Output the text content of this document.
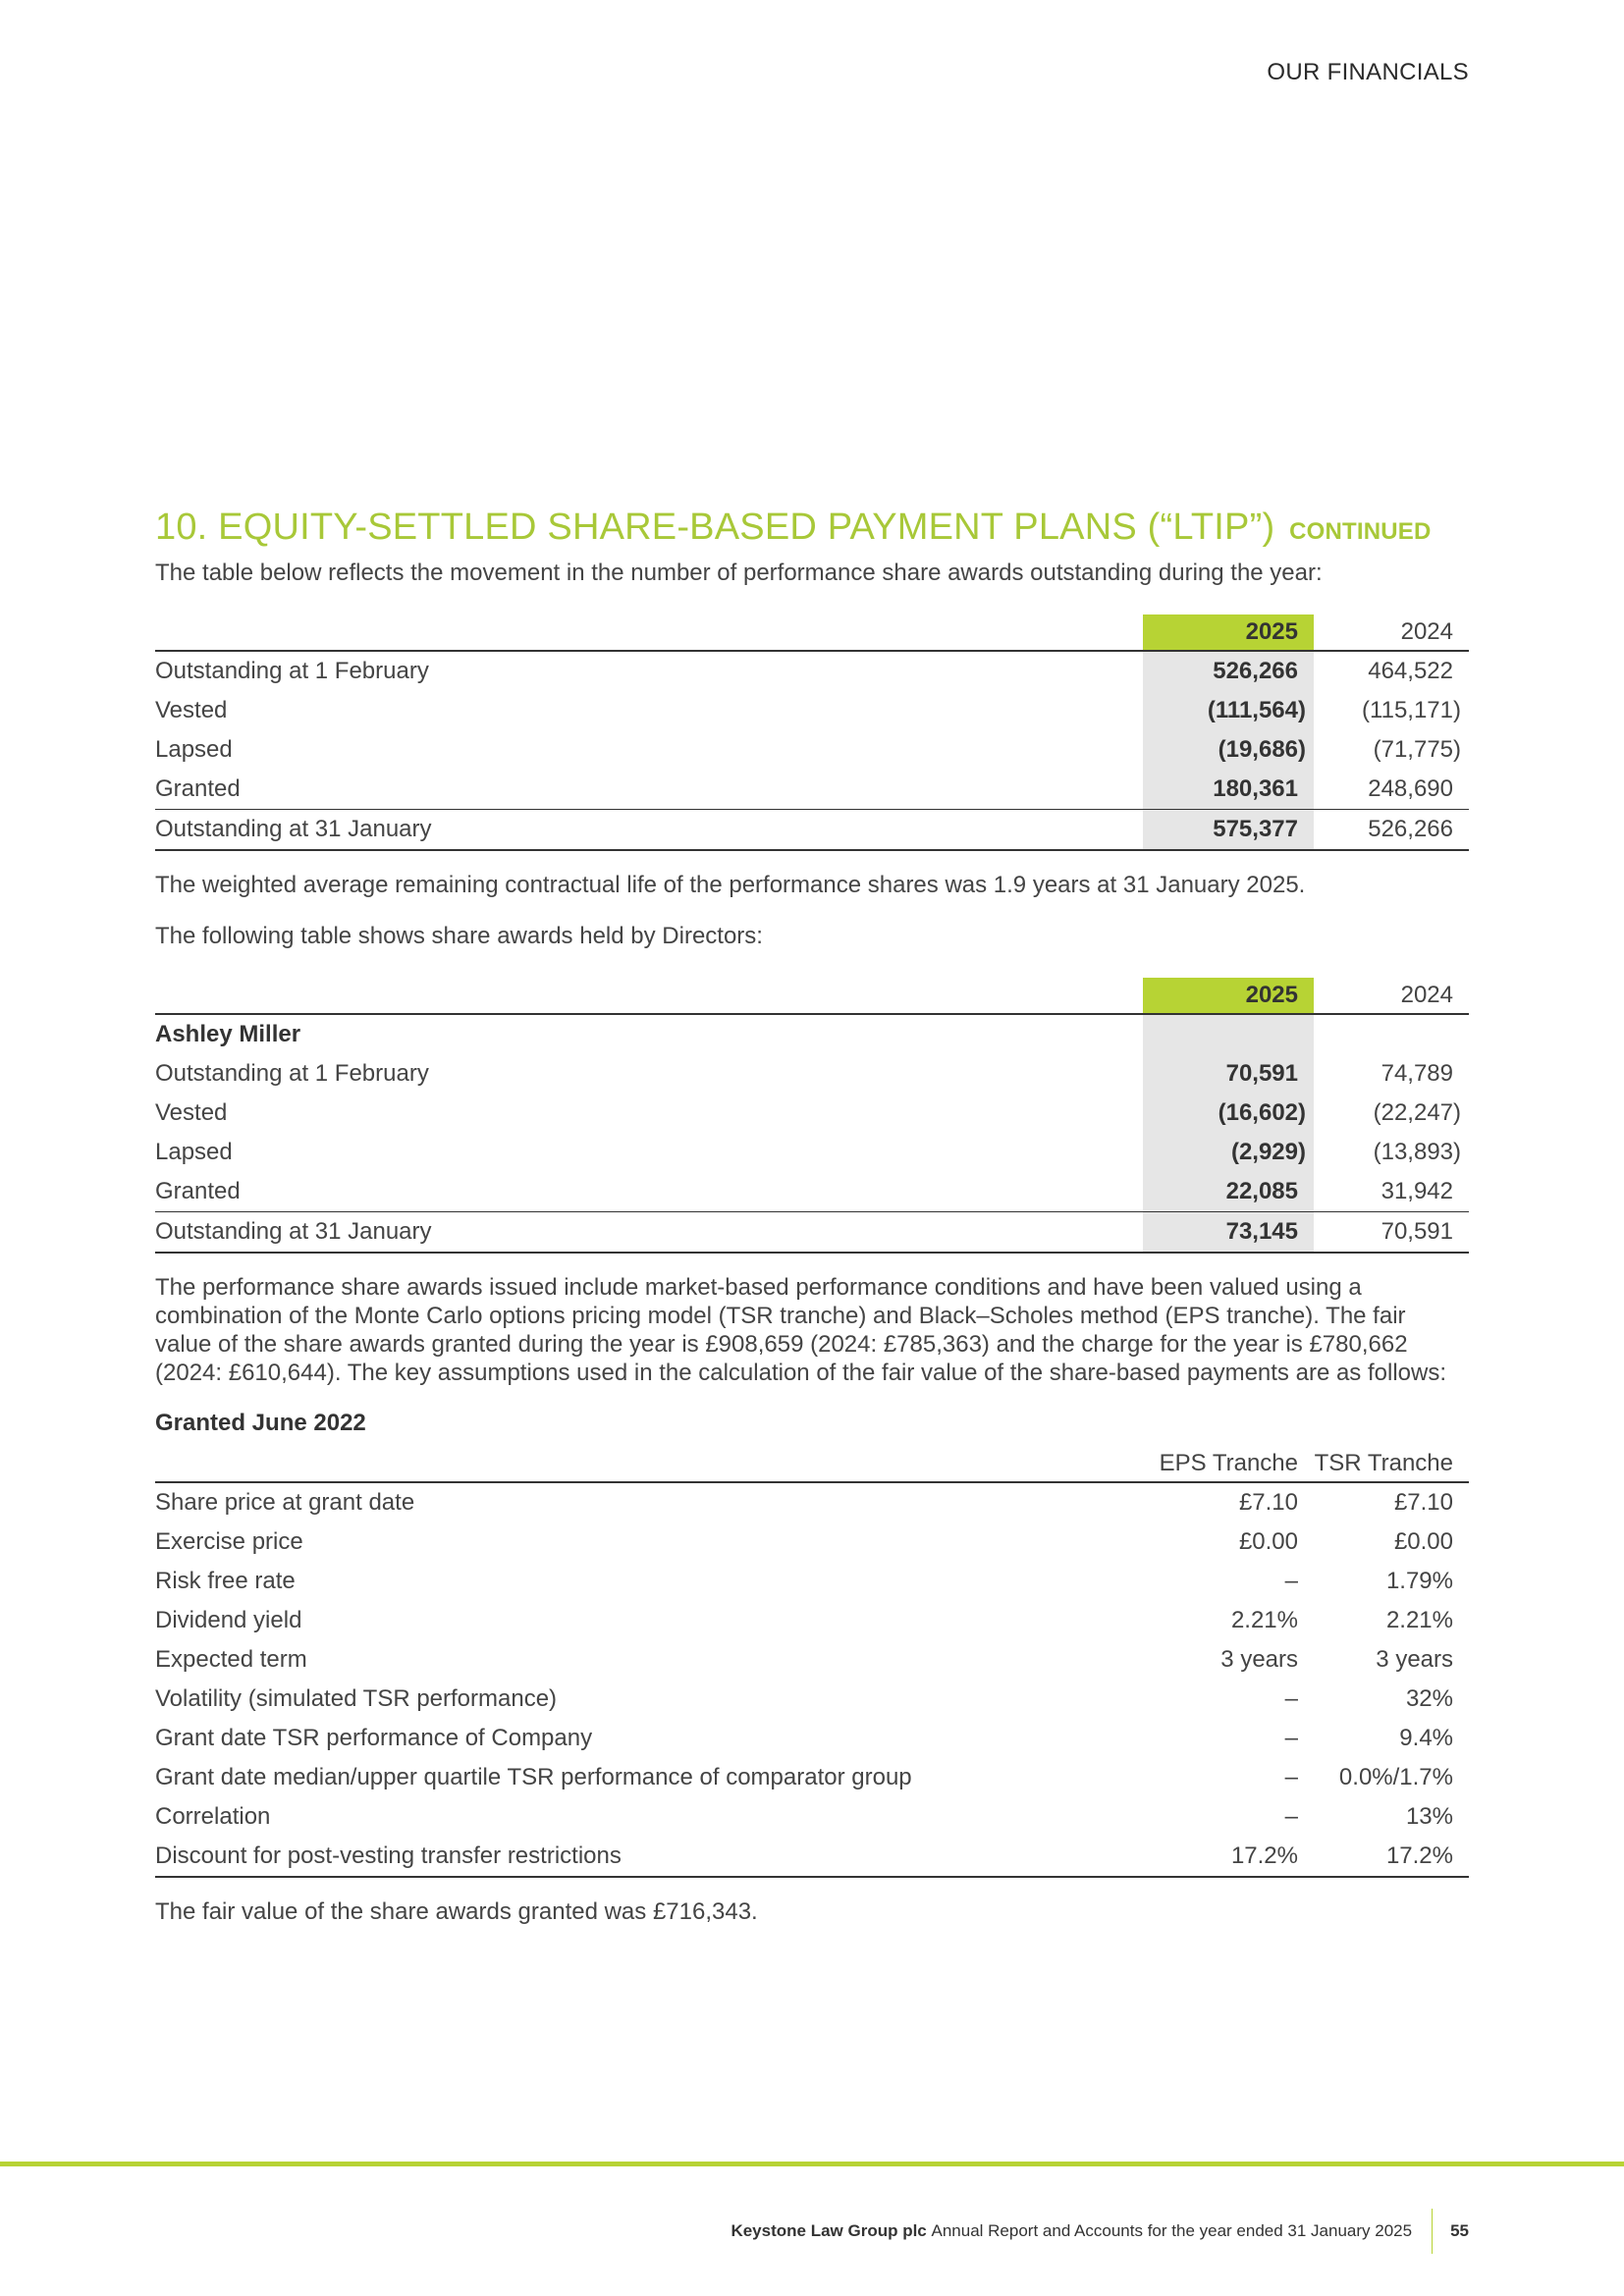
OUR FINANCIALS
10. EQUITY-SETTLED SHARE-BASED PAYMENT PLANS (“LTIP”) CONTINUED

The table below reflects the movement in the number of performance share awards outstanding during the year:

	2025	2024
Outstanding at 1 February	526,266	464,522
Vested	(111,564)	(115,171)
Lapsed	(19,686)	(71,775)
Granted	180,361	248,690
Outstanding at 31 January	575,377	526,266

The weighted average remaining contractual life of the performance shares was 1.9 years at 31 January 2025.

The following table shows share awards held by Directors:

	2025	2024
Ashley Miller		
Outstanding at 1 February	70,591	74,789
Vested	(16,602)	(22,247)
Lapsed	(2,929)	(13,893)
Granted	22,085	31,942
Outstanding at 31 January	73,145	70,591

The performance share awards issued include market-based performance conditions and have been valued using a
combination of the Monte Carlo options pricing model (TSR tranche) and Black–Scholes method (EPS tranche). The fair
value of the share awards granted during the year is £908,659 (2024: £785,363) and the charge for the year is £780,662
(2024: £610,644). The key assumptions used in the calculation of the fair value of the share-based payments are as follows:

Granted June 2022
	EPS Tranche	TSR Tranche
Share price at grant date	£7.10	£7.10
Exercise price	£0.00	£0.00
Risk free rate	–	1.79%
Dividend yield	2.21%	2.21%
Expected term	3 years	3 years
Volatility (simulated TSR performance)	–	32%
Grant date TSR performance of Company	–	9.4%
Grant date median/upper quartile TSR performance of comparator group	–	0.0%/1.7%
Correlation	–	13%
Discount for post-vesting transfer restrictions	17.2%	17.2%

The fair value of the share awards granted was £716,343.

Keystone Law Group plc
Annual Report and Accounts for the year ended 31 January 2025 55
